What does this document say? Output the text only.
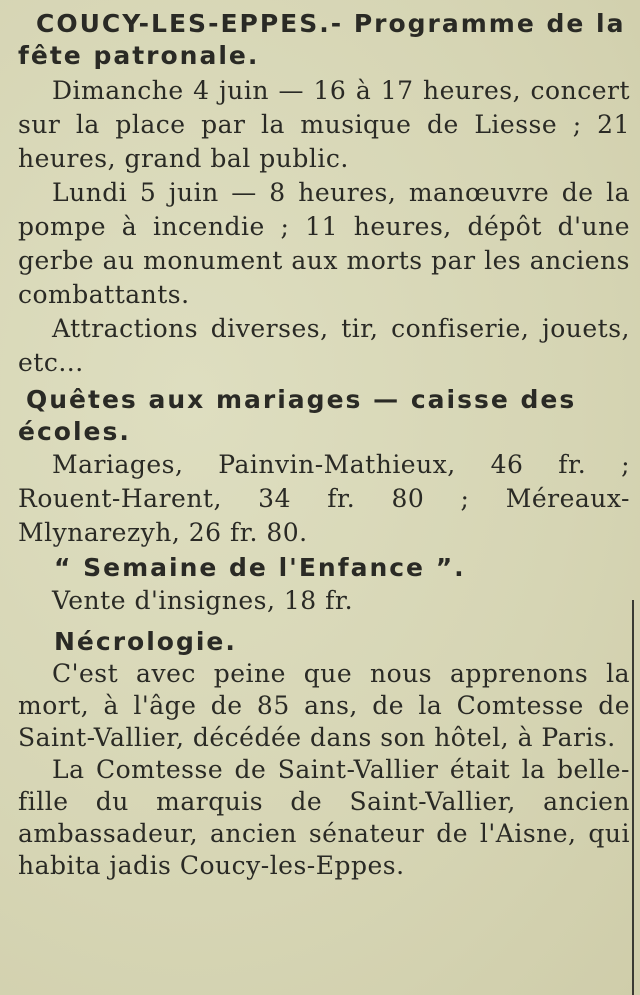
COUCY-LES-EPPES.- Programme de la fête patronale.

Dimanche 4 juin — 16 à 17 heures, concert sur la place par la musique de Liesse ; 21 heures, grand bal public.

Lundi 5 juin — 8 heures, manœuvre de la pompe à incendie ; 11 heures, dépôt d'une gerbe au monument aux morts par les anciens combattants.

Attractions diverses, tir, confiserie, jouets, etc...

Quêtes aux mariages — caisse des écoles.

Mariages, Painvin-Mathieux, 46 fr. ; Rouent-Harent, 34 fr. 80 ; Méreaux-Mlynarezyh, 26 fr. 80.

“ Semaine de l'Enfance ”.

Vente d'insignes, 18 fr.

Nécrologie.

C'est avec peine que nous apprenons la mort, à l'âge de 85 ans, de la Comtesse de Saint-Vallier, décédée dans son hôtel, à Paris.

La Comtesse de Saint-Vallier était la belle-fille du marquis de Saint-Vallier, ancien ambassadeur, ancien sénateur de l'Aisne, qui habita jadis Coucy-les-Eppes.
